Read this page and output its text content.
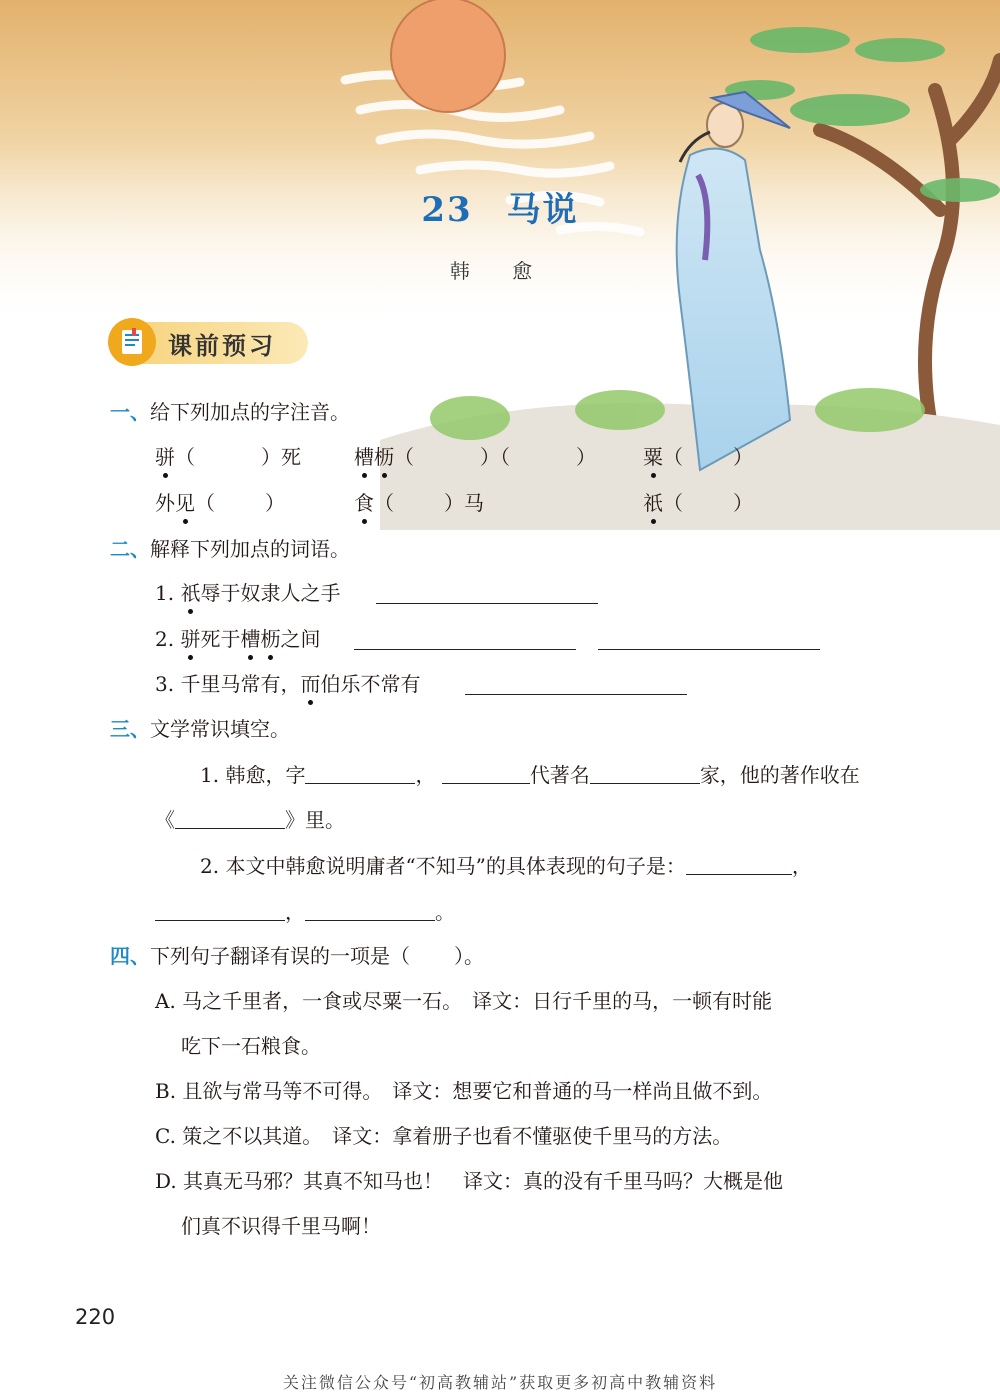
23 马说
韩 愈
课前预习
一、给下列加点的字注音。
骈（	）死	槽枥（	）（	） 粟（	）
外见（	）	食（	）马	祇（	）
二、解释下列加点的词语。
1. 祇辱于奴隶人之手
2. 骈死于槽枥之间
3. 千里马常有，而伯乐不常有
三、文学常识填空。
1. 韩愈，字	，	代著名	家，他的著作收在
《	》里。
2. 本文中韩愈说明庸者“不知马”的具体表现的句子是：	，
，	。
四、下列句子翻译有误的一项是（ ）。
A. 马之千里者，一食或尽粟一石。　译文：日行千里的马，一顿有时能
吃下一石粮食。
B. 且欲与常马等不可得。　译文：想要它和普通的马一样尚且做不到。
C. 策之不以其道。　译文：拿着册子也看不懂驱使千里马的方法。
D. 其真无马邪？其真不知马也！　译文：真的没有千里马吗？大概是他
们真不识得千里马啊！
220
关注微信公众号“初高教辅站”获取更多初高中教辅资料
